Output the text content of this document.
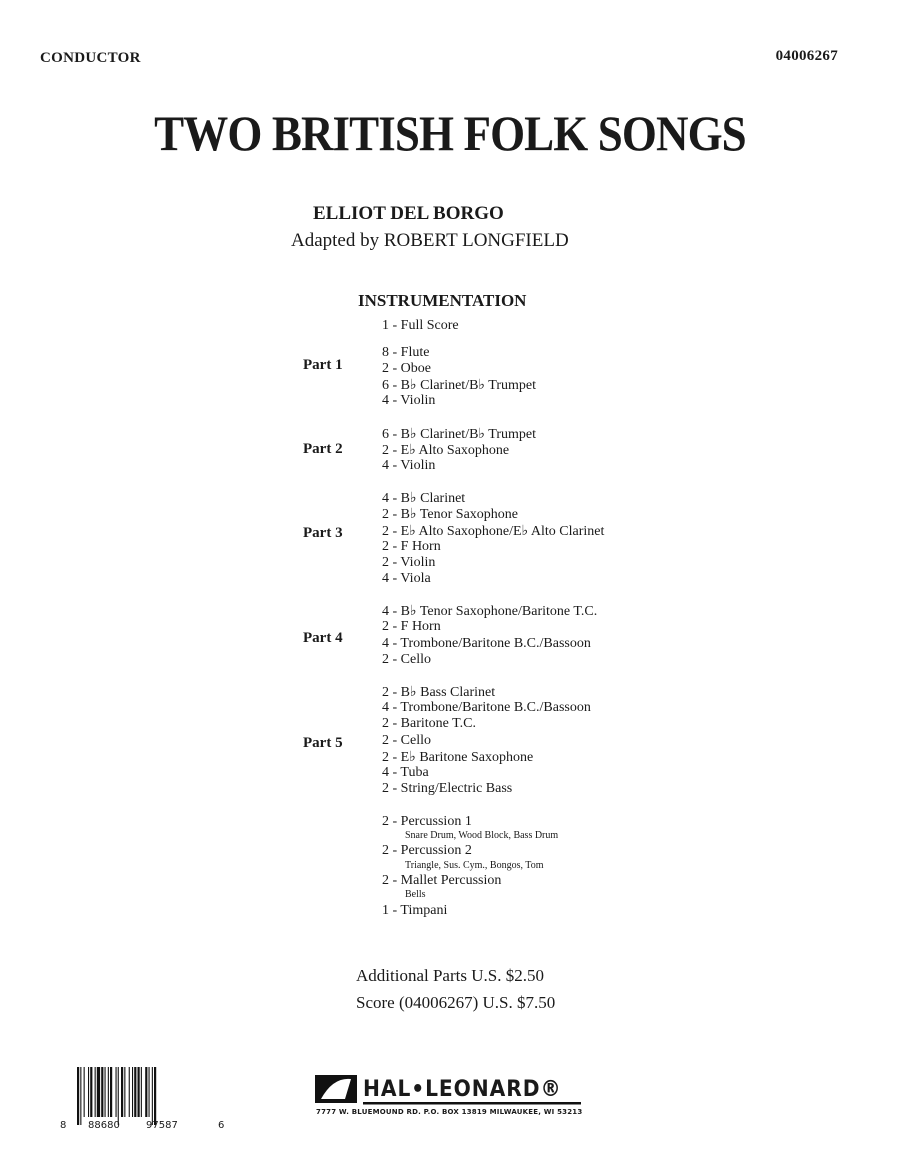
CONDUCTOR	04006267
TWO BRITISH FOLK SONGS
ELLIOT DEL BORGO
Adapted by ROBERT LONGFIELD
INSTRUMENTATION
1 - Full Score
Part 1
8 - Flute
2 - Oboe
6 - B♭ Clarinet/B♭ Trumpet
4 - Violin
Part 2
6 - B♭ Clarinet/B♭ Trumpet
2 - E♭ Alto Saxophone
4 - Violin
Part 3
4 - B♭ Clarinet
2 - B♭ Tenor Saxophone
2 - E♭ Alto Saxophone/E♭ Alto Clarinet
2 - F Horn
2 - Violin
4 - Viola
Part 4
4 - B♭ Tenor Saxophone/Baritone T.C.
2 - F Horn
4 - Trombone/Baritone B.C./Bassoon
2 - Cello
Part 5
2 - B♭ Bass Clarinet
4 - Trombone/Baritone B.C./Bassoon
2 - Baritone T.C.
2 - Cello
2 - E♭ Baritone Saxophone
4 - Tuba
2 - String/Electric Bass
2 - Percussion 1
Snare Drum, Wood Block, Bass Drum
2 - Percussion 2
Triangle, Sus. Cym., Bongos, Tom
2 - Mallet Percussion
Bells
1 - Timpani
Additional Parts U.S. $2.50
Score (04006267) U.S. $7.50
8 88680	97587	6
HAL•LEONARD®
7777 W. BLUEMOUND RD. P.O. BOX 13819 MILWAUKEE, WI 53213
